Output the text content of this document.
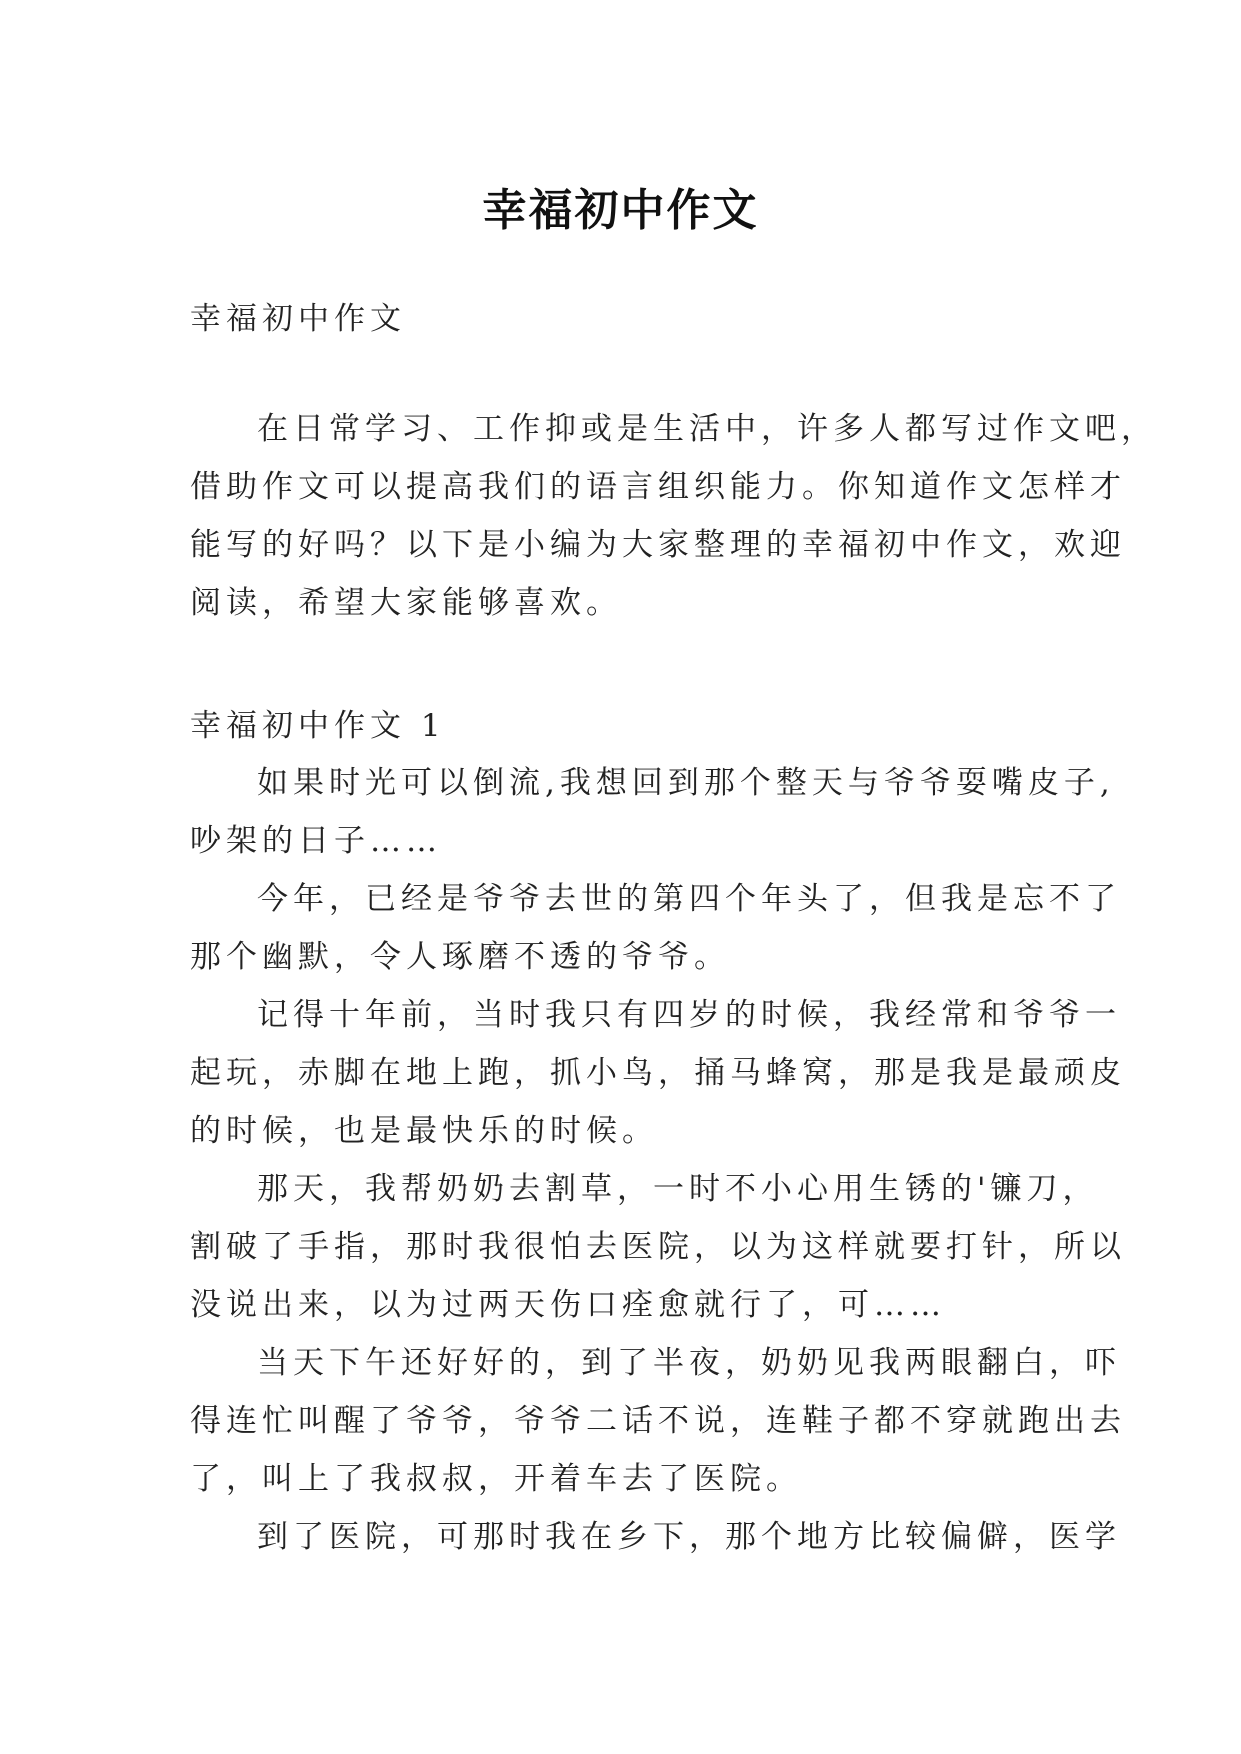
幸福初中作文

幸福初中作文

在日常学习、工作抑或是生活中，许多人都写过作文吧，

借助作文可以提高我们的语言组织能力。你知道作文怎样才

能写的好吗？以下是小编为大家整理的幸福初中作文，欢迎

阅读，希望大家能够喜欢。

幸福初中作文 1

如果时光可以倒流,我想回到那个整天与爷爷耍嘴皮子,

吵架的日子……

今年，已经是爷爷去世的第四个年头了，但我是忘不了

那个幽默，令人琢磨不透的爷爷。

记得十年前，当时我只有四岁的时候，我经常和爷爷一

起玩，赤脚在地上跑，抓小鸟，捅马蜂窝，那是我是最顽皮

的时候，也是最快乐的时候。

那天，我帮奶奶去割草，一时不小心用生锈的'镰刀，

割破了手指，那时我很怕去医院，以为这样就要打针，所以

没说出来，以为过两天伤口痊愈就行了，可……

当天下午还好好的，到了半夜，奶奶见我两眼翻白，吓

得连忙叫醒了爷爷，爷爷二话不说，连鞋子都不穿就跑出去

了，叫上了我叔叔，开着车去了医院。

到了医院，可那时我在乡下，那个地方比较偏僻，医学
